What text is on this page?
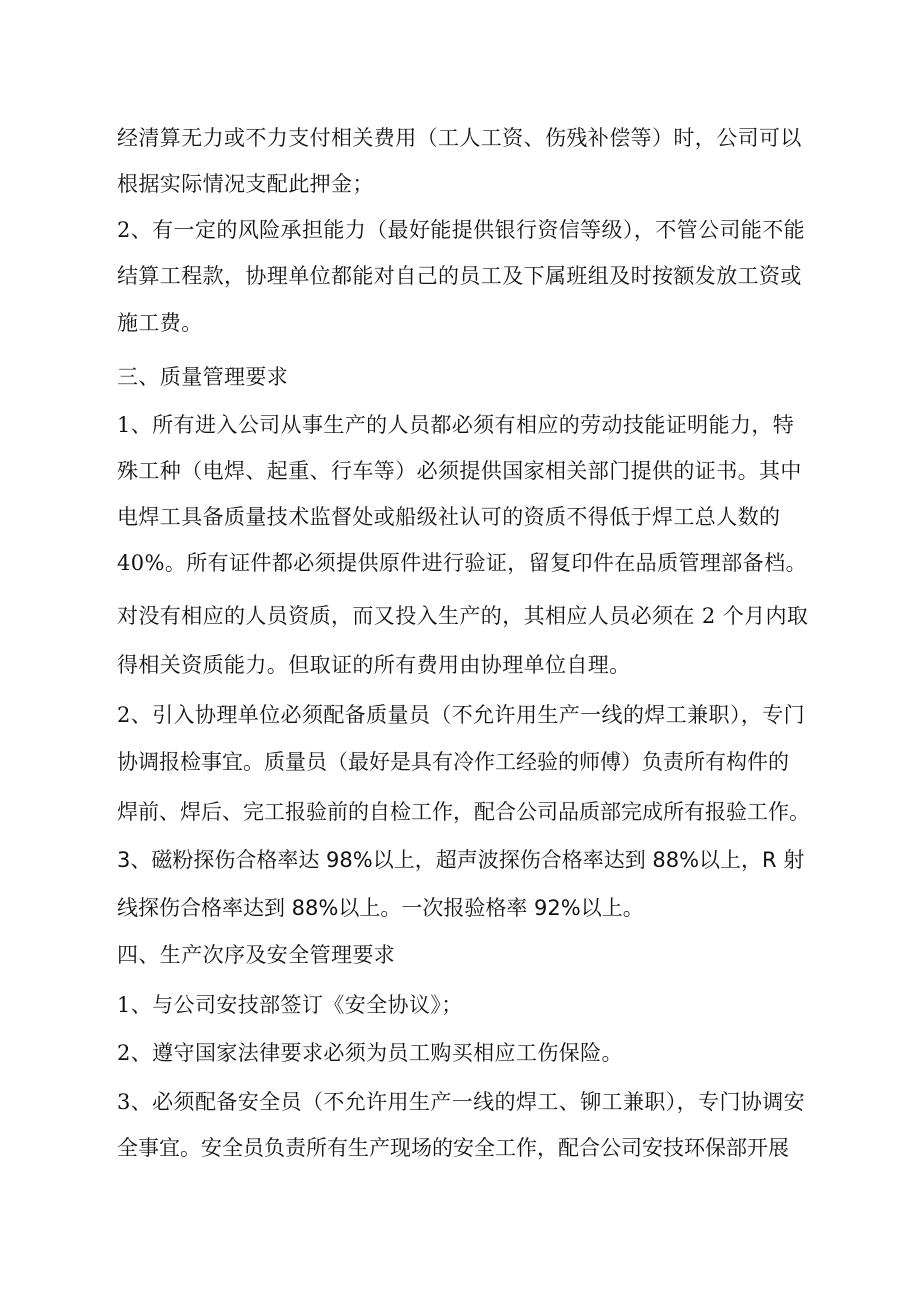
经清算无力或不力支付相关费用（工人工资、伤残补偿等）时，公司可以
根据实际情况支配此押金；
2、有一定的风险承担能力（最好能提供银行资信等级），不管公司能不能
结算工程款，协理单位都能对自己的员工及下属班组及时按额发放工资或
施工费。
三、质量管理要求
1、所有进入公司从事生产的人员都必须有相应的劳动技能证明能力，特
殊工种（电焊、起重、行车等）必须提供国家相关部门提供的证书。其中
电焊工具备质量技术监督处或船级社认可的资质不得低于焊工总人数的
40%。所有证件都必须提供原件进行验证，留复印件在品质管理部备档。
对没有相应的人员资质，而又投入生产的，其相应人员必须在 2 个月内取
得相关资质能力。但取证的所有费用由协理单位自理。
2、引入协理单位必须配备质量员（不允许用生产一线的焊工兼职），专门
协调报检事宜。质量员（最好是具有冷作工经验的师傅）负责所有构件的
焊前、焊后、完工报验前的自检工作，配合公司品质部完成所有报验工作。
3、磁粉探伤合格率达 98%以上，超声波探伤合格率达到 88%以上，R 射
线探伤合格率达到 88%以上。一次报验格率 92%以上。
四、生产次序及安全管理要求
1、与公司安技部签订《安全协议》；
2、遵守国家法律要求必须为员工购买相应工伤保险。
3、必须配备安全员（不允许用生产一线的焊工、铆工兼职），专门协调安
全事宜。安全员负责所有生产现场的安全工作，配合公司安技环保部开展
